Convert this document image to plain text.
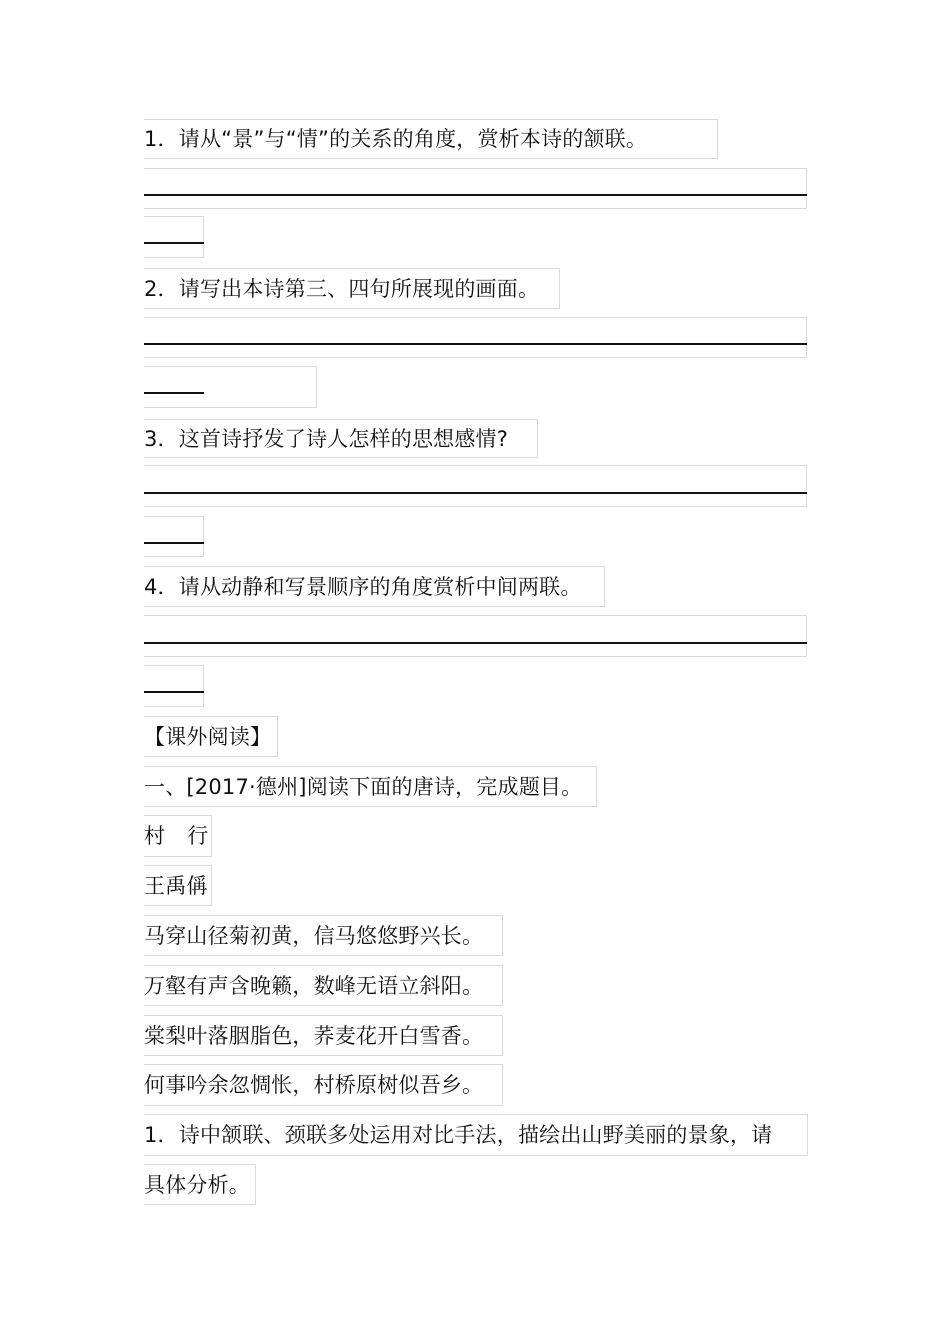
1．请从“景”与“情”的关系的角度，赏析本诗的颔联。
2．请写出本诗第三、四句所展现的画面。
3．这首诗抒发了诗人怎样的思想感情?
4．请从动静和写景顺序的角度赏析中间两联。
【课外阅读】
一、[2017·德州]阅读下面的唐诗，完成题目。
村 行
王禹偁
马穿山径菊初黄，信马悠悠野兴长。
万壑有声含晚籁，数峰无语立斜阳。
棠梨叶落胭脂色，荞麦花开白雪香。
何事吟余忽惆怅，村桥原树似吾乡。
1．诗中颔联、颈联多处运用对比手法，描绘出山野美丽的景象，请
具体分析。
